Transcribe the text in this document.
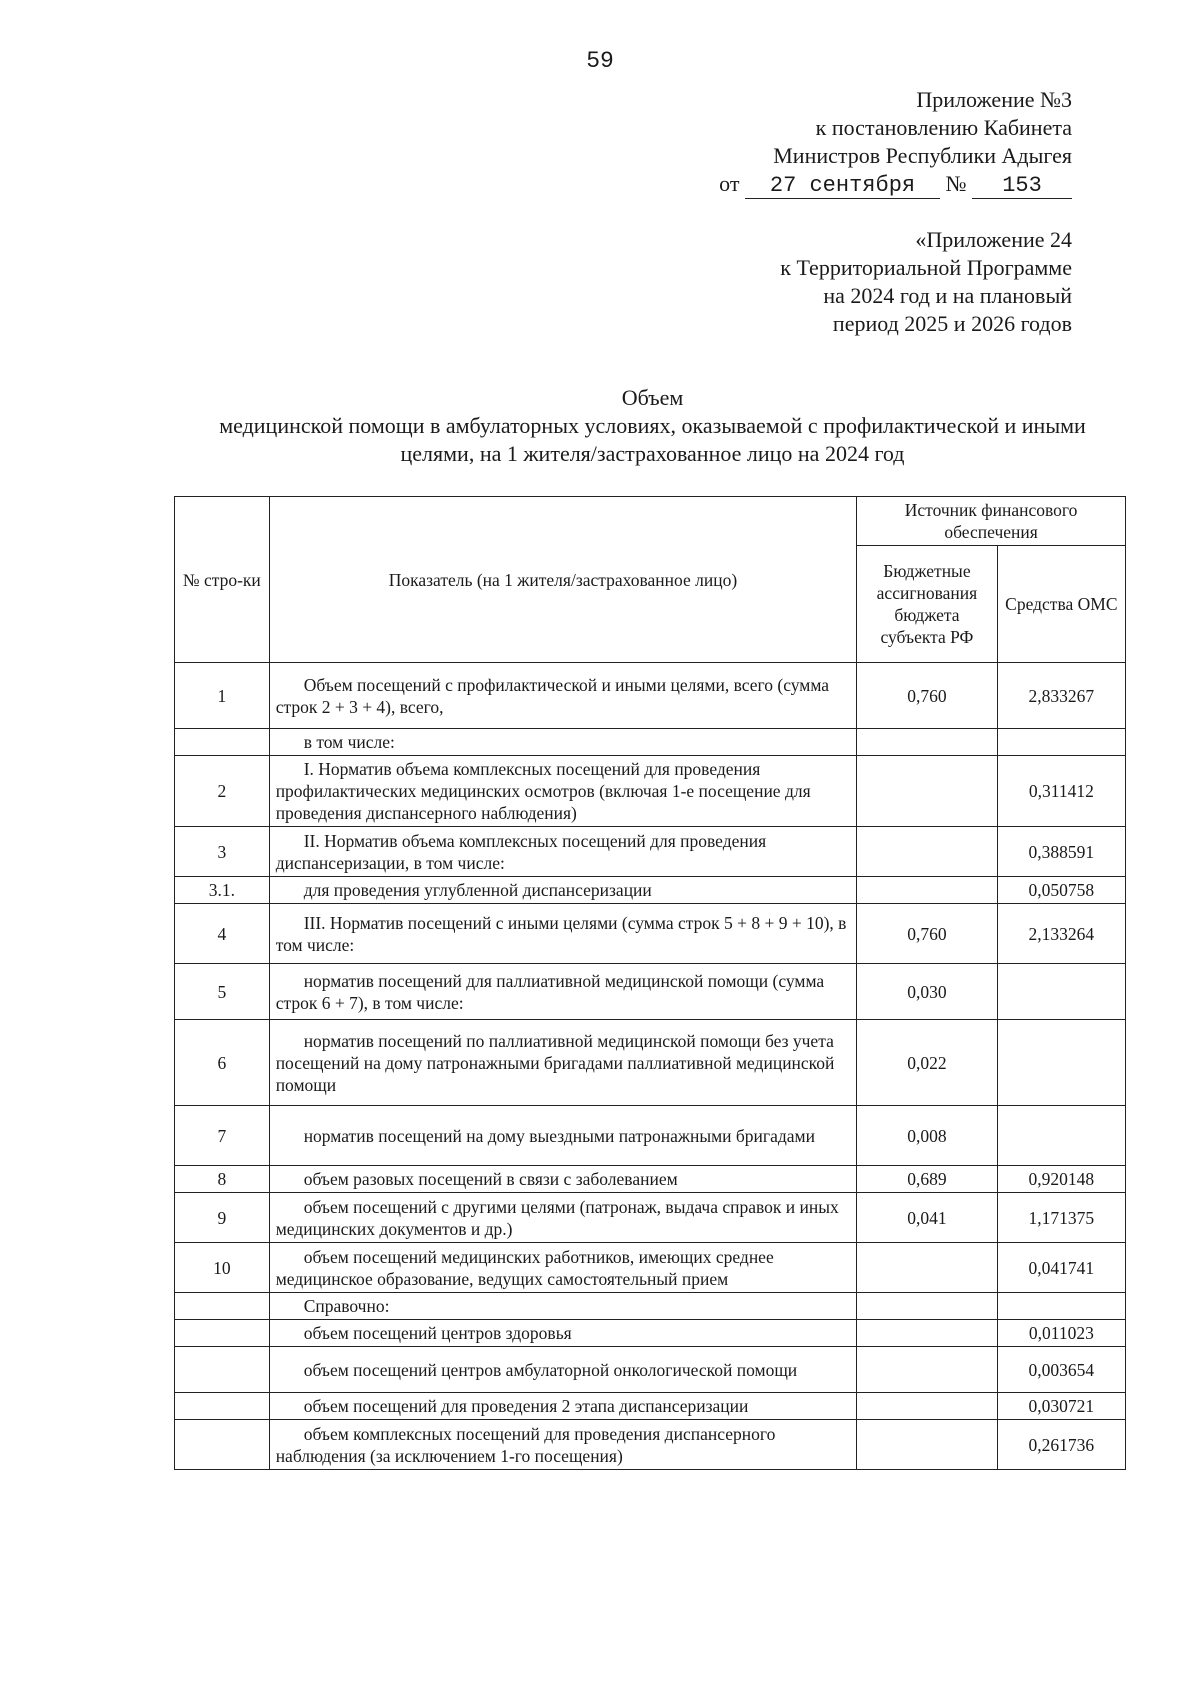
59
Приложение №3
к постановлению Кабинета
Министров Республики Адыгея
от 27 сентября № 153
«Приложение 24
к Территориальной Программе
на 2024 год и на плановый
период 2025 и 2026 годов
Объем
медицинской помощи в амбулаторных условиях, оказываемой с профилактической и иными
целями, на 1 жителя/застрахованное лицо на 2024 год
№ стро-ки	Показатель (на 1 жителя/застрахованное лицо)	Источник финансового обеспечения	
		Бюджетные ассигнования бюджета субъекта РФ	Средства ОМС
1	Объем посещений с профилактической и иными целями, всего (сумма строк 2 + 3 + 4), всего,	0,760	2,833267
	в том числе:		
2	I. Норматив объема комплексных посещений для проведения профилактических медицинских осмотров (включая 1-е посещение для проведения диспансерного наблюдения)		0,311412
3	II. Норматив объема комплексных посещений для проведения диспансеризации, в том числе:		0,388591
3.1.	для проведения углубленной диспансеризации		0,050758
4	III. Норматив посещений с иными целями (сумма строк 5 + 8 + 9 + 10), в том числе:	0,760	2,133264
5	норматив посещений для паллиативной медицинской помощи (сумма строк 6 + 7), в том числе:	0,030	
6	норматив посещений по паллиативной медицинской помощи без учета посещений на дому патронажными бригадами паллиативной медицинской помощи	0,022	
7	норматив посещений на дому выездными патронажными бригадами	0,008	
8	объем разовых посещений в связи с заболеванием	0,689	0,920148
9	объем посещений с другими целями (патронаж, выдача справок и иных медицинских документов и др.)	0,041	1,171375
10	объем посещений медицинских работников, имеющих среднее медицинское образование, ведущих самостоятельный прием		0,041741
	Справочно:		
	объем посещений центров здоровья		0,011023
	объем посещений центров амбулаторной онкологической помощи		0,003654
	объем посещений для проведения 2 этапа диспансеризации		0,030721
	объем комплексных посещений для проведения диспансерного наблюдения (за исключением 1-го посещения)		0,261736
